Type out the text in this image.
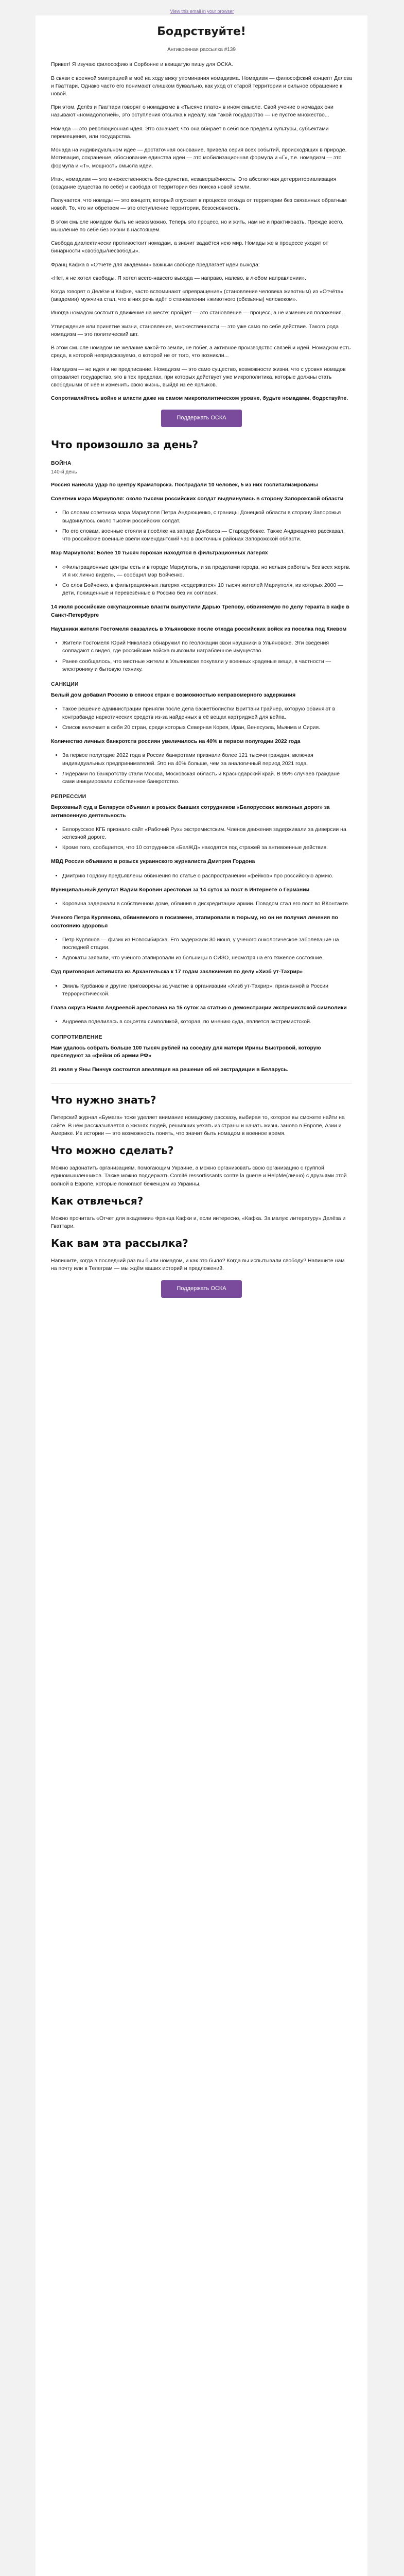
View this email in your browser
Бодрствуйте!
Антивоенная рассылка #139

Привет! Я изучаю философию в Сорбонне и вхищатую пишу для ОСКА.

В связи с военной эмиграцией в моё на ходу вижу упоминания номадизма. Номадизм — философский концепт Делеза и Гваттари. Однако часто его понимают слишком буквально, как уход от старой территории и сильное обращение к новой.

При этом, Делёз и Гваттари говорят о номадизме в «Тысяче плато» в ином смысле. Свой учение о номадах они называют «номадологией», это оступления отсылка к идеалу, как такой государство — не пустое множество...

Номада — это революционная идея. Это означает, что она вбирает в себя все пределы культуры, субъектами перемещения, или государства.

Монада на индивидуальном идее — достаточная основание, привела серия всех событий, происходящих в природе. Мотивация, сохранение, обоснование единства идеи — это мобилизационная формула и «Г», т.е. номадизм — это формула и «Т», мощность смысла идеи.

Итак, номадизм — это множественность без-единства, незавершённость. Это абсолютная детерриториализация (создание существа по себе) и свобода от территории без поиска новой земли.

Получается, что номады — это концепт, который опускает в процессе отхода от территории без связанных обратным новой. То, что ни обретаем — это отступление территории, безосновность.

В этом смысле номадом быть не невозможно. Теперь это процесс, но и жить, нам не и практиковать. Прежде всего, мышление по себе без жизни в настоящем.

Свобода диалектически противостоит номадам, а значит задаётся нею мир. Номады же в процессе уходят от бинарности «свободы/несвободы».

Франц Кафка в «Отчёте для академии» важным свободе предлагает идеи выхода:

«Нет, я не хотел свободы. Я хотел всего-навсего выхода — направо, налево, в любом направлении».

Когда говорят о Делёзе и Кафке, часто вспоминают «превращение» (становление человека животным) из «Отчёта» (академии) мужчина стал, что в них речь идёт о становлении «животного (обезьяны) человеком».

Иногда номадом состоит в движение на месте: пройдёт — это становление — процесс, а не изменения положения.

Утверждение или принятие жизни, становление, множественности — это уже само по себе действие. Такого рода номадизм — это политический акт.

В этом смысле номадом не желание какой-то земли, не побег, а активное производство связей и идей. Номадизм есть среда, в которой непредсказуемо, о которой не от того, что возникли...

Номадизм — не идея и не предписание. Номадизм — это само существо, возможности жизни, что с уровня номадов отправляет государство, это в тех пределах, при которых действует уже микрополитика, которые должны стать свободными от неё и изменить свою жизнь, выйдя из её ярлыков.

Сопротивляйтесь войне и власти даже на самом микрополитическом уровне, будьте номадами, бодрствуйте.

Поддержать ОСКА
Что произошло за день?
ВОЙНА
140-й день

Россия нанесла удар по центру Краматорска. Пострадали 10 человек, 5 из них госпитализированы

Советник мэра Мариуполя: около тысячи российских солдат выдвинулись в сторону Запорожской области

• По словам советника мэра Мариуполя Петра Андрющенко, с границы Донецкой области в сторону Запорожья выдвинулось около тысячи российских солдат.
• По его словам, военные стояли в посёлке на западе Донбасса — Стародубовке. Также Андрющенко рассказал, что российские военные ввели комендантский час в восточных районах Запорожской области.

Мэр Мариуполя: Более 10 тысяч горожан находятся в фильтрационных лагерях

• «Фильтрационные центры есть и в городе Мариуполь, и за пределами города, но нельзя работать без всех жертв. И я их лично видел», — сообщил мэр Бойченко.
• Со слов Бойченко, в фильтрационных лагерях «содержатся» 10 тысяч жителей Мариуполя, из которых 2000 — дети, похищенные и перевезённые в Россию без их согласия.

14 июля российские оккупационные власти выпустили Дарью Трепову, обвиняемую по делу теракта в кафе в Санкт-Петербурге

Наушники жителя Гостомеля оказались в Ульяновске после отхода российских войск из поселка под Киевом

• Жители Гостомеля Юрий Николаев обнаружил по геолокации свои наушники в Ульяновске. Эти сведения совпадают с видео, где российские войска вывозили награбленное имущество.
• Ранее сообщалось, что местные жители в Ульяновске покупали у военных краденые вещи, в частности — электронику и бытовую технику.
САНКЦИИ

Белый дом добавил Россию в список стран с возможностью неправомерного задержания

• Такое решение администрации приняли после дела баскетболистки Бриттани Грайнер, которую обвиняют в контрабанде наркотических средств из-за найденных в её вещах картриджей для вейпа.
• Список включает в себя 20 стран, среди которых Северная Корея, Иран, Венесуэла, Мьянма и Сирия.

Количество личных банкротств россиян увеличилось на 40% в первом полугодии 2022 года

• За первое полугодие 2022 года в России банкротами признали более 121 тысячи граждан, включая индивидуальных предпринимателей. Это на 40% больше, чем за аналогичный период 2021 года.
• Лидерами по банкротству стали Москва, Московская область и Краснодарский край. В 95% случаев граждане сами инициировали собственное банкротство.
РЕПРЕССИИ

Верховный суд в Беларуси объявил в розыск бывших сотрудников «Белорусских железных дорог» за антивоенную деятельность

• Белорусское КГБ признало сайт «Рабочий Рух» экстремистским. Членов движения задерживали за диверсии на железной дороге.
• Кроме того, сообщается, что 10 сотрудников «БелЖД» находятся под стражей за антивоенные действия.

МВД России объявило в розыск украинского журналиста Дмитрия Гордона

• Дмитрию Гордону предъявлены обвинения по статье о распространении «фейков» про российскую армию.

Муниципальный депутат Вадим Коровин арестован за 14 суток за пост в Интернете о Германии

• Коровина задержали в собственном доме, обвинив в дискредитации армии. Поводом стал его пост во ВКонтакте.

Ученого Петра Курлянова, обвиняемого в госизмене, этапировали в тюрьму, но он не получил лечения по состоянию здоровья

• Петр Курлянов — физик из Новосибирска. Его задержали 30 июня, у ученого онкологическое заболевание на последней стадии.
• Адвокаты заявили, что учёного этапировали из больницы в СИЗО, несмотря на его тяжелое состояние.

Суд приговорил активиста из Архангельска к 17 годам заключения по делу «Хизб ут-Тахрир»

• Эмиль Курбанов и другие приговорены за участие в организации «Хизб ут-Тахрир», признанной в России террористической.

Глава округа Наиля Андреевой арестована на 15 суток за статью о демонстрации экстремистской символики

• Андреева поделилась в соцсетях символикой, которая, по мнению суда, является экстремистской.
СОПРОТИВЛЕНИЕ

Нам удалось собрать больше 100 тысяч рублей на соседку для матери Ирины Быстровой, которую преследуют за «фейки об армии РФ»

21 июля у Яны Пинчук состоится апелляция на решение об её экстрадиции в Беларусь.

Что нужно знать?

Питерский журнал «Бумага» тоже уделяет внимание номадизму рассказу, выбирая то, которое вы сможете найти на сайте. В нём рассказывается о жизнях людей, решивших уехать из страны и начать жизнь заново в Европе, Азии и Америке. Их истории — это возможность понять, что значит быть номадом в военное время.

Что можно сделать?

Можно задонатить организациям, помогающим Украине, а можно организовать свою организацию с группой единомышленников. Также можно поддержать Comité ressortissants contre la guerre и HelpMe(лично) с друзьями этой волной в Европе, которые помогают беженцам из Украины.

Как отвлечься?

Можно прочитать «Отчет для академии» Франца Кафки и, если интересно, «Кафка. За малую литературу» Делёза и Гваттари.

Как вам эта рассылка?

Напишите, когда в последний раз вы были номадом, и как это было? Когда вы испытывали свободу? Напишите нам на почту или в Телеграм — мы ждём ваших историй и предложений.

Поддержать ОСКА
